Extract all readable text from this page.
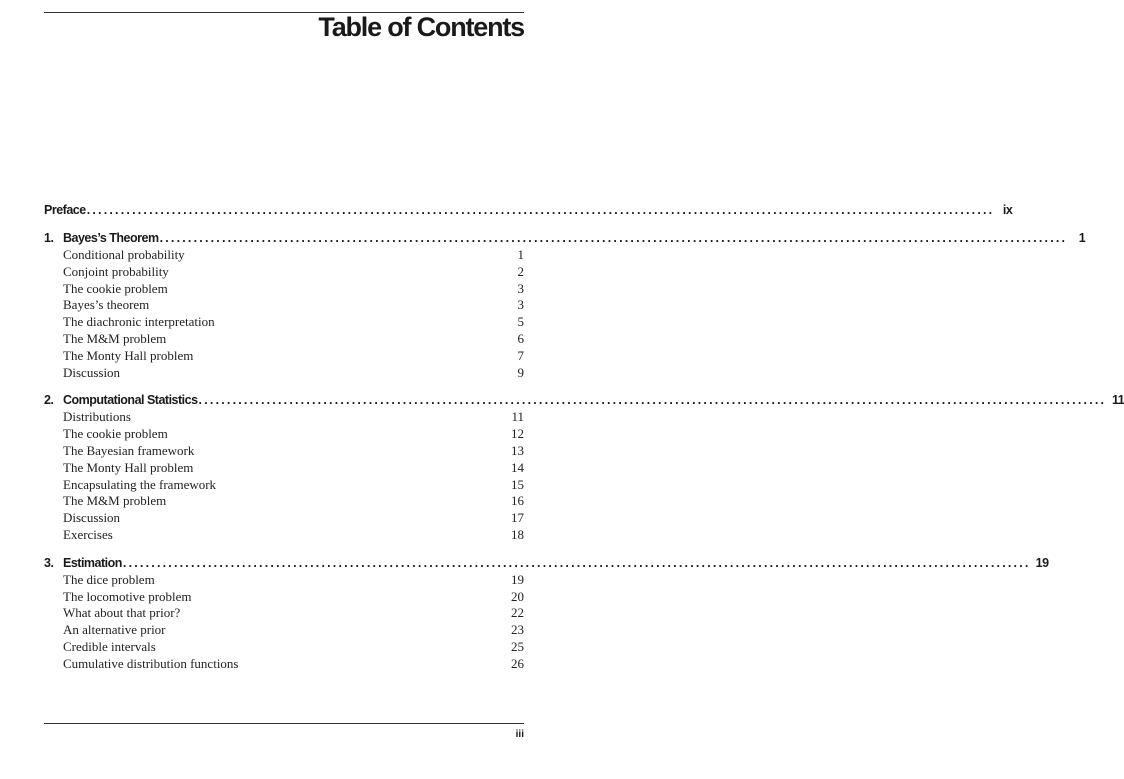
Table of Contents
Preface ................................................................................................................................................................ ix
1. Bayes’s Theorem ................................................................................................................................................................ 1
Conditional probability	1
Conjoint probability	2
The cookie problem	3
Bayes’s theorem	3
The diachronic interpretation	5
The M&M problem	6
The Monty Hall problem	7
Discussion	9
2. Computational Statistics ................................................................................................................................................................ 11
Distributions	11
The cookie problem	12
The Bayesian framework	13
The Monty Hall problem	14
Encapsulating the framework	15
The M&M problem	16
Discussion	17
Exercises	18
3. Estimation ................................................................................................................................................................ 19
The dice problem	19
The locomotive problem	20
What about that prior?	22
An alternative prior	23
Credible intervals	25
Cumulative distribution functions	26
iii
